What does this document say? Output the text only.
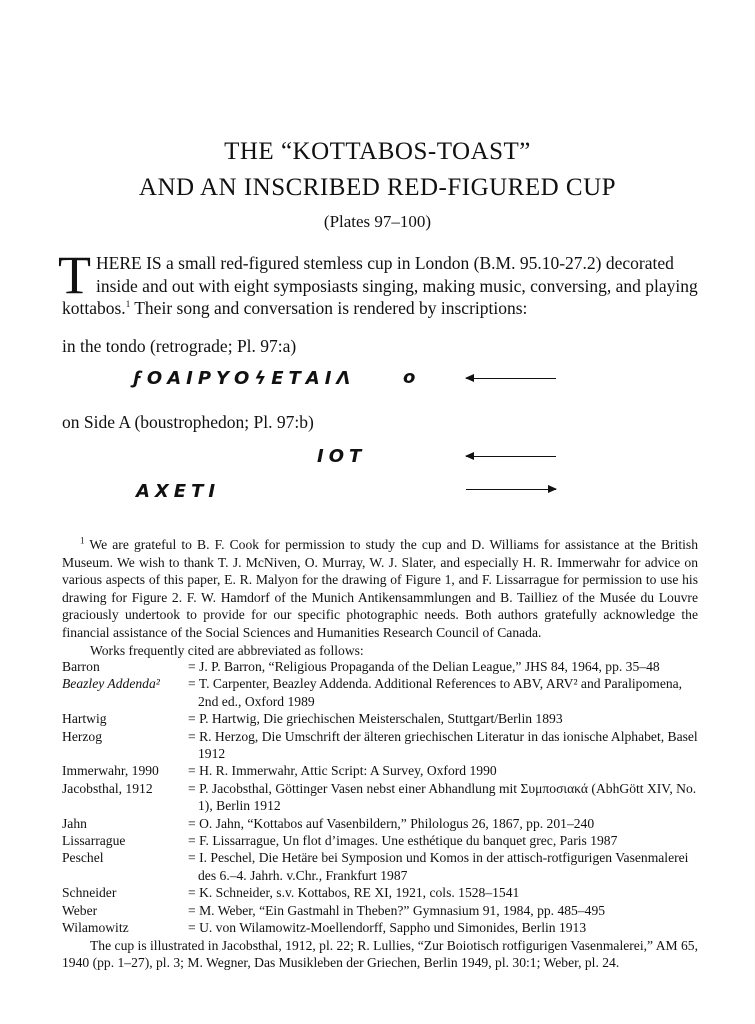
THE “KOTTABOS-TOAST”
AND AN INSCRIBED RED-FIGURED CUP
(Plates 97–100)
T HERE IS a small red-figured stemless cup in London (B.M. 95.10-27.2) decorated
inside and out with eight symposiasts singing, making music, conversing, and playing
kottabos.$^1$ Their song and conversation is rendered by inscriptions:
in the tondo (retrograde; Pl. 97:a)
ϝΟΑΙΡΥΟϟΕΤΑΙΛ	ο
on Side A (boustrophedon; Pl. 97:b)
ΙΟΤ
ΑΧΕΤΙ

$^1$ We are grateful to B. F. Cook for permission to study the cup and D. Williams for assistance at the British Museum. We wish to thank T. J. McNiven, O. Murray, W. J. Slater, and especially H. R. Immerwahr for advice on various aspects of this paper, E. R. Malyon for the drawing of Figure 1, and F. Lissarrague for permission to use his drawing for Figure 2. F. W. Hamdorf of the Munich Antikensammlungen and B. Tailliez of the Musée du Louvre graciously undertook to provide for our specific photographic needs. Both authors gratefully acknowledge the financial assistance of the Social Sciences and Humanities Research Council of Canada.

Works frequently cited are abbreviated as follows:

Barron	= J. P. Barron, “Religious Propaganda of the Delian League,” JHS 84, 1964, pp. 35–48
Beazley Addenda²	= T. Carpenter, Beazley Addenda. Additional References to ABV, ARV² and Paralipomena, 2nd ed., Oxford 1989
Hartwig	= P. Hartwig, Die griechischen Meisterschalen, Stuttgart/Berlin 1893
Herzog	= R. Herzog, Die Umschrift der älteren griechischen Literatur in das ionische Alphabet, Basel 1912
Immerwahr, 1990	= H. R. Immerwahr, Attic Script: A Survey, Oxford 1990
Jacobsthal, 1912	= P. Jacobsthal, Göttinger Vasen nebst einer Abhandlung mit Συμποσιακά (AbhGött XIV, No. 1), Berlin 1912
Jahn	= O. Jahn, “Kottabos auf Vasenbildern,” Philologus 26, 1867, pp. 201–240
Lissarrague	= F. Lissarrague, Un flot d’images. Une esthétique du banquet grec, Paris 1987
Peschel	= I. Peschel, Die Hetäre bei Symposion und Komos in der attisch-rotfigurigen Vasenmalerei des 6.–4. Jahrh. v.Chr., Frankfurt 1987
Schneider	= K. Schneider, s.v. Kottabos, RE XI, 1921, cols. 1528–1541
Weber	= M. Weber, “Ein Gastmahl in Theben?” Gymnasium 91, 1984, pp. 485–495
Wilamowitz	= U. von Wilamowitz-Moellendorff, Sappho und Simonides, Berlin 1913

The cup is illustrated in Jacobsthal, 1912, pl. 22; R. Lullies, “Zur Boiotisch rotfigurigen Vasenmalerei,” AM 65, 1940 (pp. 1–27), pl. 3; M. Wegner, Das Musikleben der Griechen, Berlin 1949, pl. 30:1; Weber, pl. 24.
